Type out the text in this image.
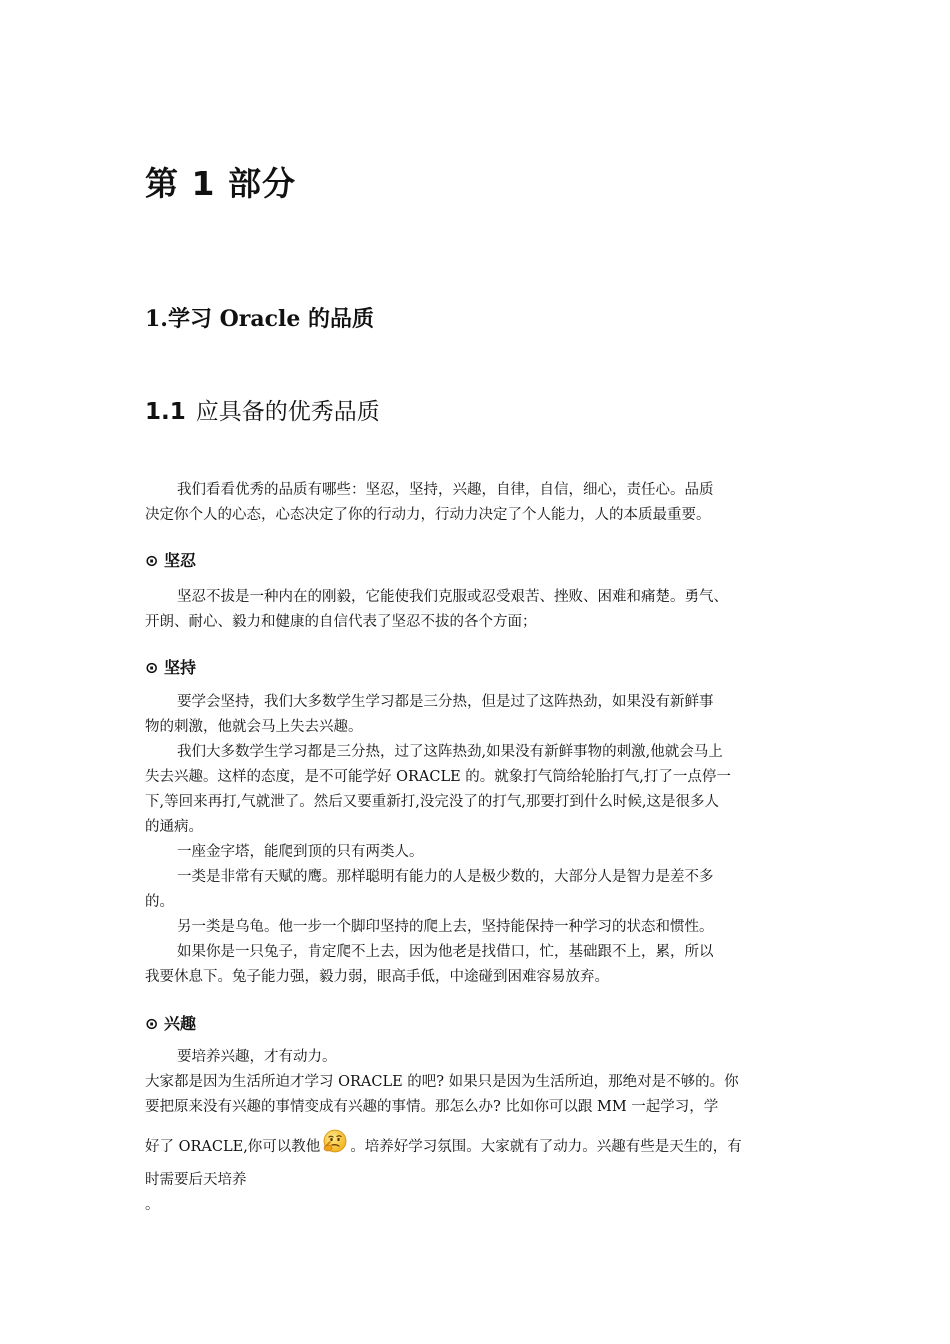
第 1 部分
1.学习 Oracle 的品质
1.1 应具备的优秀品质
我们看看优秀的品质有哪些：坚忍，坚持，兴趣，自律，自信，细心，责任心。品质
决定你个人的心态，心态决定了你的行动力，行动力决定了个人能力，人的本质最重要。
⊙ 坚忍
坚忍不拔是一种内在的刚毅，它能使我们克服或忍受艰苦、挫败、困难和痛楚。勇气、
开朗、耐心、毅力和健康的自信代表了坚忍不拔的各个方面；
⊙ 坚持
要学会坚持，我们大多数学生学习都是三分热，但是过了这阵热劲，如果没有新鲜事
物的刺激，他就会马上失去兴趣。
我们大多数学生学习都是三分热，过了这阵热劲,如果没有新鲜事物的刺激,他就会马上
失去兴趣。这样的态度，是不可能学好 ORACLE 的。就象打气筒给轮胎打气,打了一点停一
下,等回来再打,气就泄了。然后又要重新打,没完没了的打气,那要打到什么时候,这是很多人
的通病。
一座金字塔，能爬到顶的只有两类人。
一类是非常有天赋的鹰。那样聪明有能力的人是极少数的，大部分人是智力是差不多
的。
另一类是乌龟。他一步一个脚印坚持的爬上去，坚持能保持一种学习的状态和惯性。
如果你是一只兔子，肯定爬不上去，因为他老是找借口，忙，基础跟不上，累，所以
我要休息下。兔子能力强，毅力弱，眼高手低，中途碰到困难容易放弃。
⊙ 兴趣
要培养兴趣，才有动力。
大家都是因为生活所迫才学习 ORACLE 的吧? 如果只是因为生活所迫，那绝对是不够的。你
要把原来没有兴趣的事情变成有兴趣的事情。那怎么办? 比如你可以跟 MM 一起学习，学
好了 ORACLE,你可以教他 。培养好学习氛围。大家就有了动力。兴趣有些是天生的，有
时需要后天培养
。
